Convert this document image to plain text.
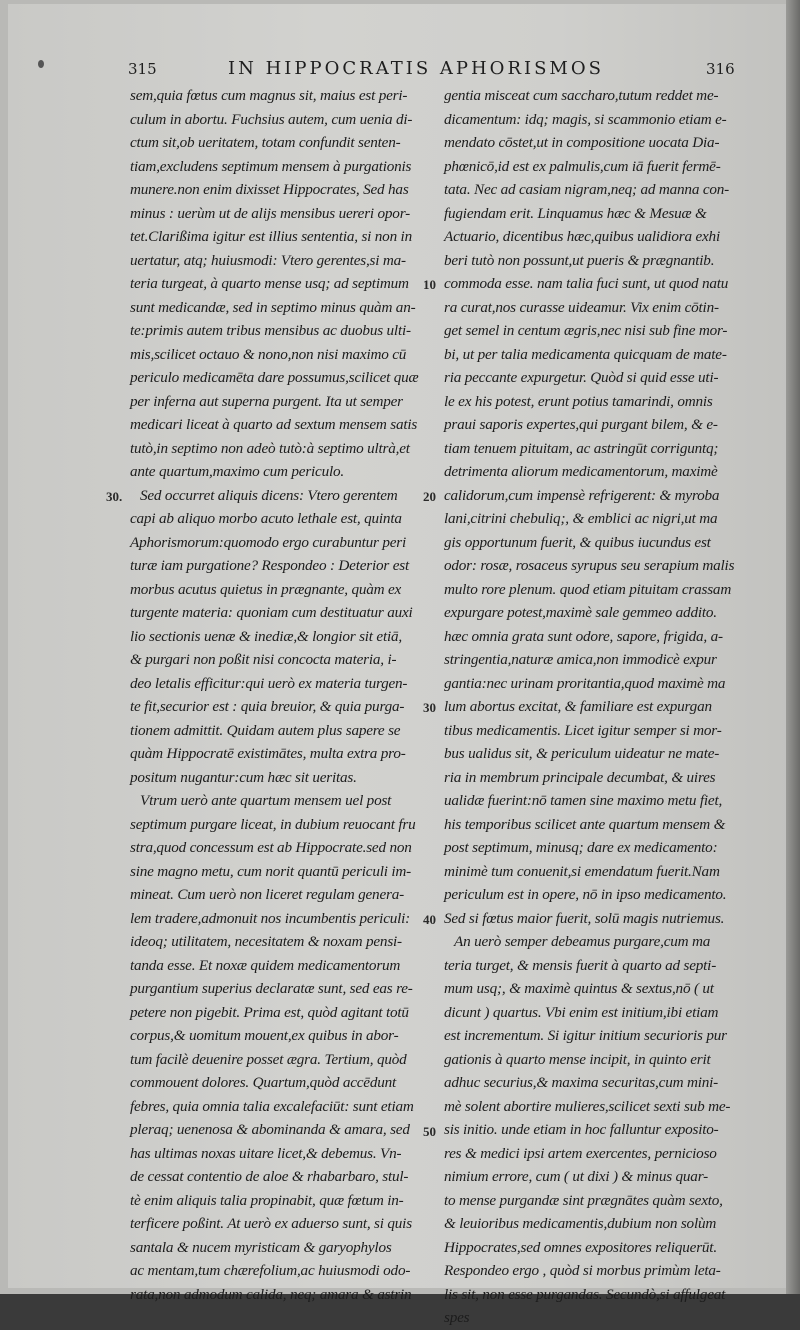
315	IN HIPPOCRATIS APHORISMOS	316
sem,quia fœtus cum magnus sit, maius est peri-
culum in abortu. Fuchsius autem, cum uenia di-
ctum sit,ob ueritatem, totam confundit senten-
tiam,excludens septimum mensem à purgationis
munere.non enim dixisset Hippocrates, Sed has
minus : uerùm ut de alijs mensibus uereri opor-
tet.Clarißima igitur est illius sententia, si non in
uertatur, atq; huiusmodi: Vtero gerentes,si ma-
teria turgeat, à quarto mense usq; ad septimum
sunt medicandæ, sed in septimo minus quàm an-
te:primis autem tribus mensibus ac duobus ulti-
mis,scilicet octauo & nono,non nisi maximo cū
periculo medicamēta dare possumus,scilicet quæ
per inferna aut superna purgent. Ita ut semper
medicari liceat à quarto ad sextum mensem satis
tutò,in septimo non adeò tutò:à septimo ultrà,et
ante quartum,maximo cum periculo.
Sed occurret aliquis dicens: Vtero gerentem
capi ab aliquo morbo acuto lethale est, quinta
Aphorismorum:quomodo ergo curabuntur peri
turæ iam purgatione? Respondeo : Deterior est
morbus acutus quietus in prægnante, quàm ex
turgente materia: quoniam cum destituatur auxi
lio sectionis uenæ & inediæ,& longior sit etiā,
& purgari non poßit nisi concocta materia, i-
deo letalis efficitur:qui uerò ex materia turgen-
te fit,securior est : quia breuior, & quia purga-
tionem admittit. Quidam autem plus sapere se
quàm Hippocratē existimātes, multa extra pro-
positum nugantur:cum hæc sit ueritas.
Vtrum uerò ante quartum mensem uel post
septimum purgare liceat, in dubium reuocant fru
stra,quod concessum est ab Hippocrate.sed non
sine magno metu, cum norit quantū periculi im-
mineat. Cum uerò non liceret regulam genera-
lem tradere,admonuit nos incumbentis periculi:
ideoq; utilitatem, necesitatem & noxam pensi-
tanda esse. Et noxæ quidem medicamentorum
purgantium superius declaratæ sunt, sed eas re-
petere non pigebit. Prima est, quòd agitant totū
corpus,& uomitum mouent,ex quibus in abor-
tum facilè deuenire posset ægra. Tertium, quòd
commouent dolores. Quartum,quòd accēdunt
febres, quia omnia talia excalefaciūt: sunt etiam
pleraq; uenenosa & abominanda & amara, sed
has ultimas noxas uitare licet,& debemus. Vn-
de cessat contentio de aloe & rhabarbaro, stul-
tè enim aliquis talia propinabit, quæ fœtum in-
terficere poßint. At uerò ex aduerso sunt, si quis
santala & nucem myristicam & garyophylos
ac mentam,tum chærefolium,ac huiusmodi odo-
rata,non admodum calida, neq; amara & astrin
gentia misceat cum saccharo,tutum reddet me-
dicamentum: idq; magis, si scammonio etiam e-
mendato cōstet,ut in compositione uocata Dia-
phœnicō,id est ex palmulis,cum iā fuerit fermē-
tata. Nec ad casiam nigram,neq; ad manna con-
fugiendam erit. Linquamus hæc & Mesuæ &
Actuario, dicentibus hæc,quibus ualidiora exhi
beri tutò non possunt,ut pueris & prægnantib.
commoda esse. nam talia fuci sunt, ut quod natu
ra curat,nos curasse uideamur. Vix enim cōtin-
get semel in centum ægris,nec nisi sub fine mor-
bi, ut per talia medicamenta quicquam de mate-
ria peccante expurgetur. Quòd si quid esse uti-
le ex his potest, erunt potius tamarindi, omnis
praui saporis expertes,qui purgant bilem, & e-
tiam tenuem pituitam, ac astringūt corriguntq;
detrimenta aliorum medicamentorum, maximè
calidorum,cum impensè refrigerent: & myroba
lani,citrini chebuliq;, & emblici ac nigri,ut ma
gis opportunum fuerit, & quibus iucundus est
odor: rosæ, rosaceus syrupus seu serapium malis
multo rore plenum. quod etiam pituitam crassam
expurgare potest,maximè sale gemmeo addito.
hæc omnia grata sunt odore, sapore, frigida, a-
stringentia,naturæ amica,non immodicè expur
gantia:nec urinam proritantia,quod maximè ma
lum abortus excitat, & familiare est expurgan
tibus medicamentis. Licet igitur semper si mor-
bus ualidus sit, & periculum uideatur ne mate-
ria in membrum principale decumbat, & uires
ualidæ fuerint:nō tamen sine maximo metu fiet,
his temporibus scilicet ante quartum mensem &
post septimum, minusq; dare ex medicamento:
minimè tum conuenit,si emendatum fuerit.Nam
periculum est in opere, nō in ipso medicamento.
Sed si fœtus maior fuerit, solū magis nutriemus.
An uerò semper debeamus purgare,cum ma
teria turget, & mensis fuerit à quarto ad septi-
mum usq;, & maximè quintus & sextus,nō ( ut
dicunt ) quartus. Vbi enim est initium,ibi etiam
est incrementum. Si igitur initium securioris pur
gationis à quarto mense incipit, in quinto erit
adhuc securius,& maxima securitas,cum mini-
mè solent abortire mulieres,scilicet sexti sub me-
sis initio. unde etiam in hoc falluntur exposito-
res & medici ipsi artem exercentes, pernicioso
nimium errore, cum ( ut dixi ) & minus quar-
to mense purgandæ sint prægnātes quàm sexto,
& leuioribus medicamentis,dubium non solùm
Hippocrates,sed omnes expositores reliquerūt.
Respondeo ergo , quòd si morbus primùm leta-
lis sit, non esse purgandas. Secundò,si affulgeat
spes
10
20
30.
30
40
50
